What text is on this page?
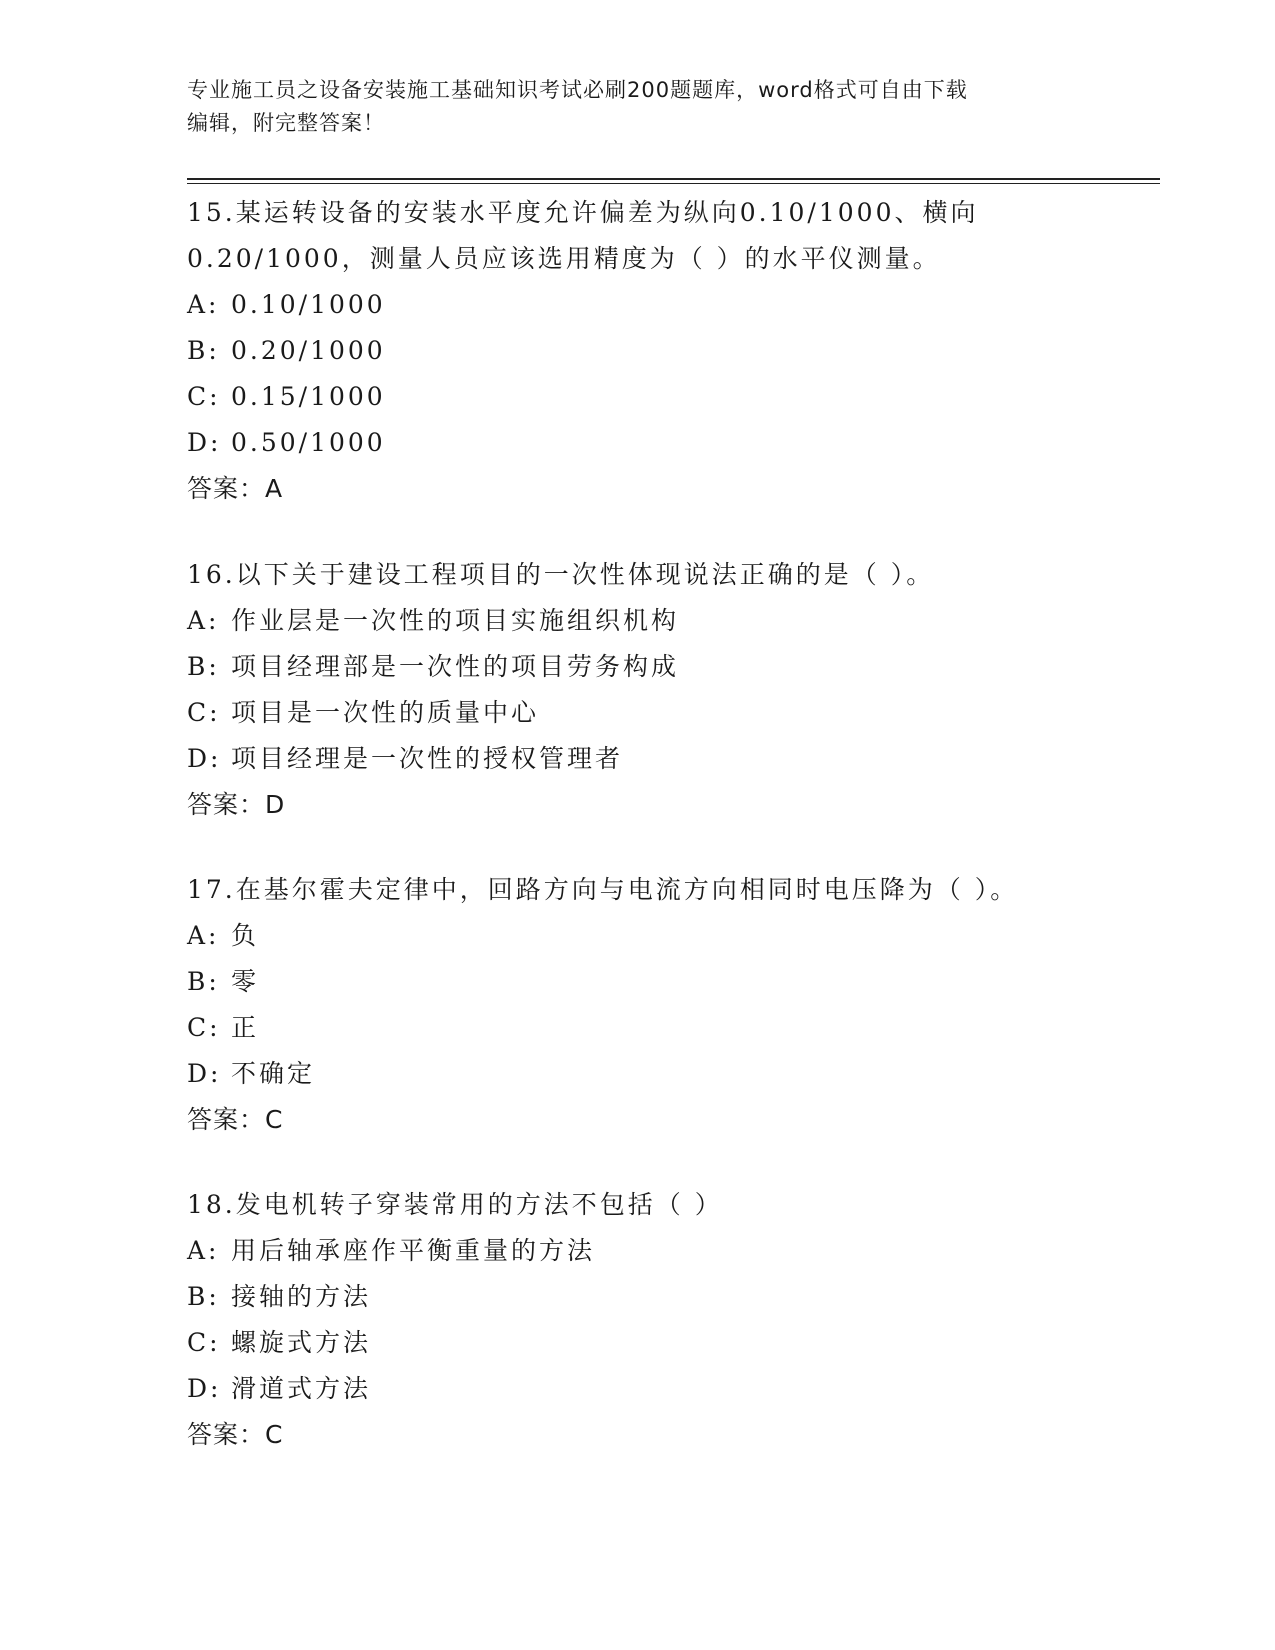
专业施工员之设备安装施工基础知识考试必刷200题题库，word格式可自由下载
编辑，附完整答案！
15.某运转设备的安装水平度允许偏差为纵向0.10/1000、横向
0.20/1000，测量人员应该选用精度为（ ）的水平仪测量。
A: 0.10/1000
B: 0.20/1000
C: 0.15/1000
D: 0.50/1000
答案：A
16.以下关于建设工程项目的一次性体现说法正确的是（ ）。
A: 作业层是一次性的项目实施组织机构
B: 项目经理部是一次性的项目劳务构成
C: 项目是一次性的质量中心
D: 项目经理是一次性的授权管理者
答案：D
17.在基尔霍夫定律中，回路方向与电流方向相同时电压降为（ ）。
A: 负
B: 零
C: 正
D: 不确定
答案：C
18.发电机转子穿装常用的方法不包括（ ）
A: 用后轴承座作平衡重量的方法
B: 接轴的方法
C: 螺旋式方法
D: 滑道式方法
答案：C
